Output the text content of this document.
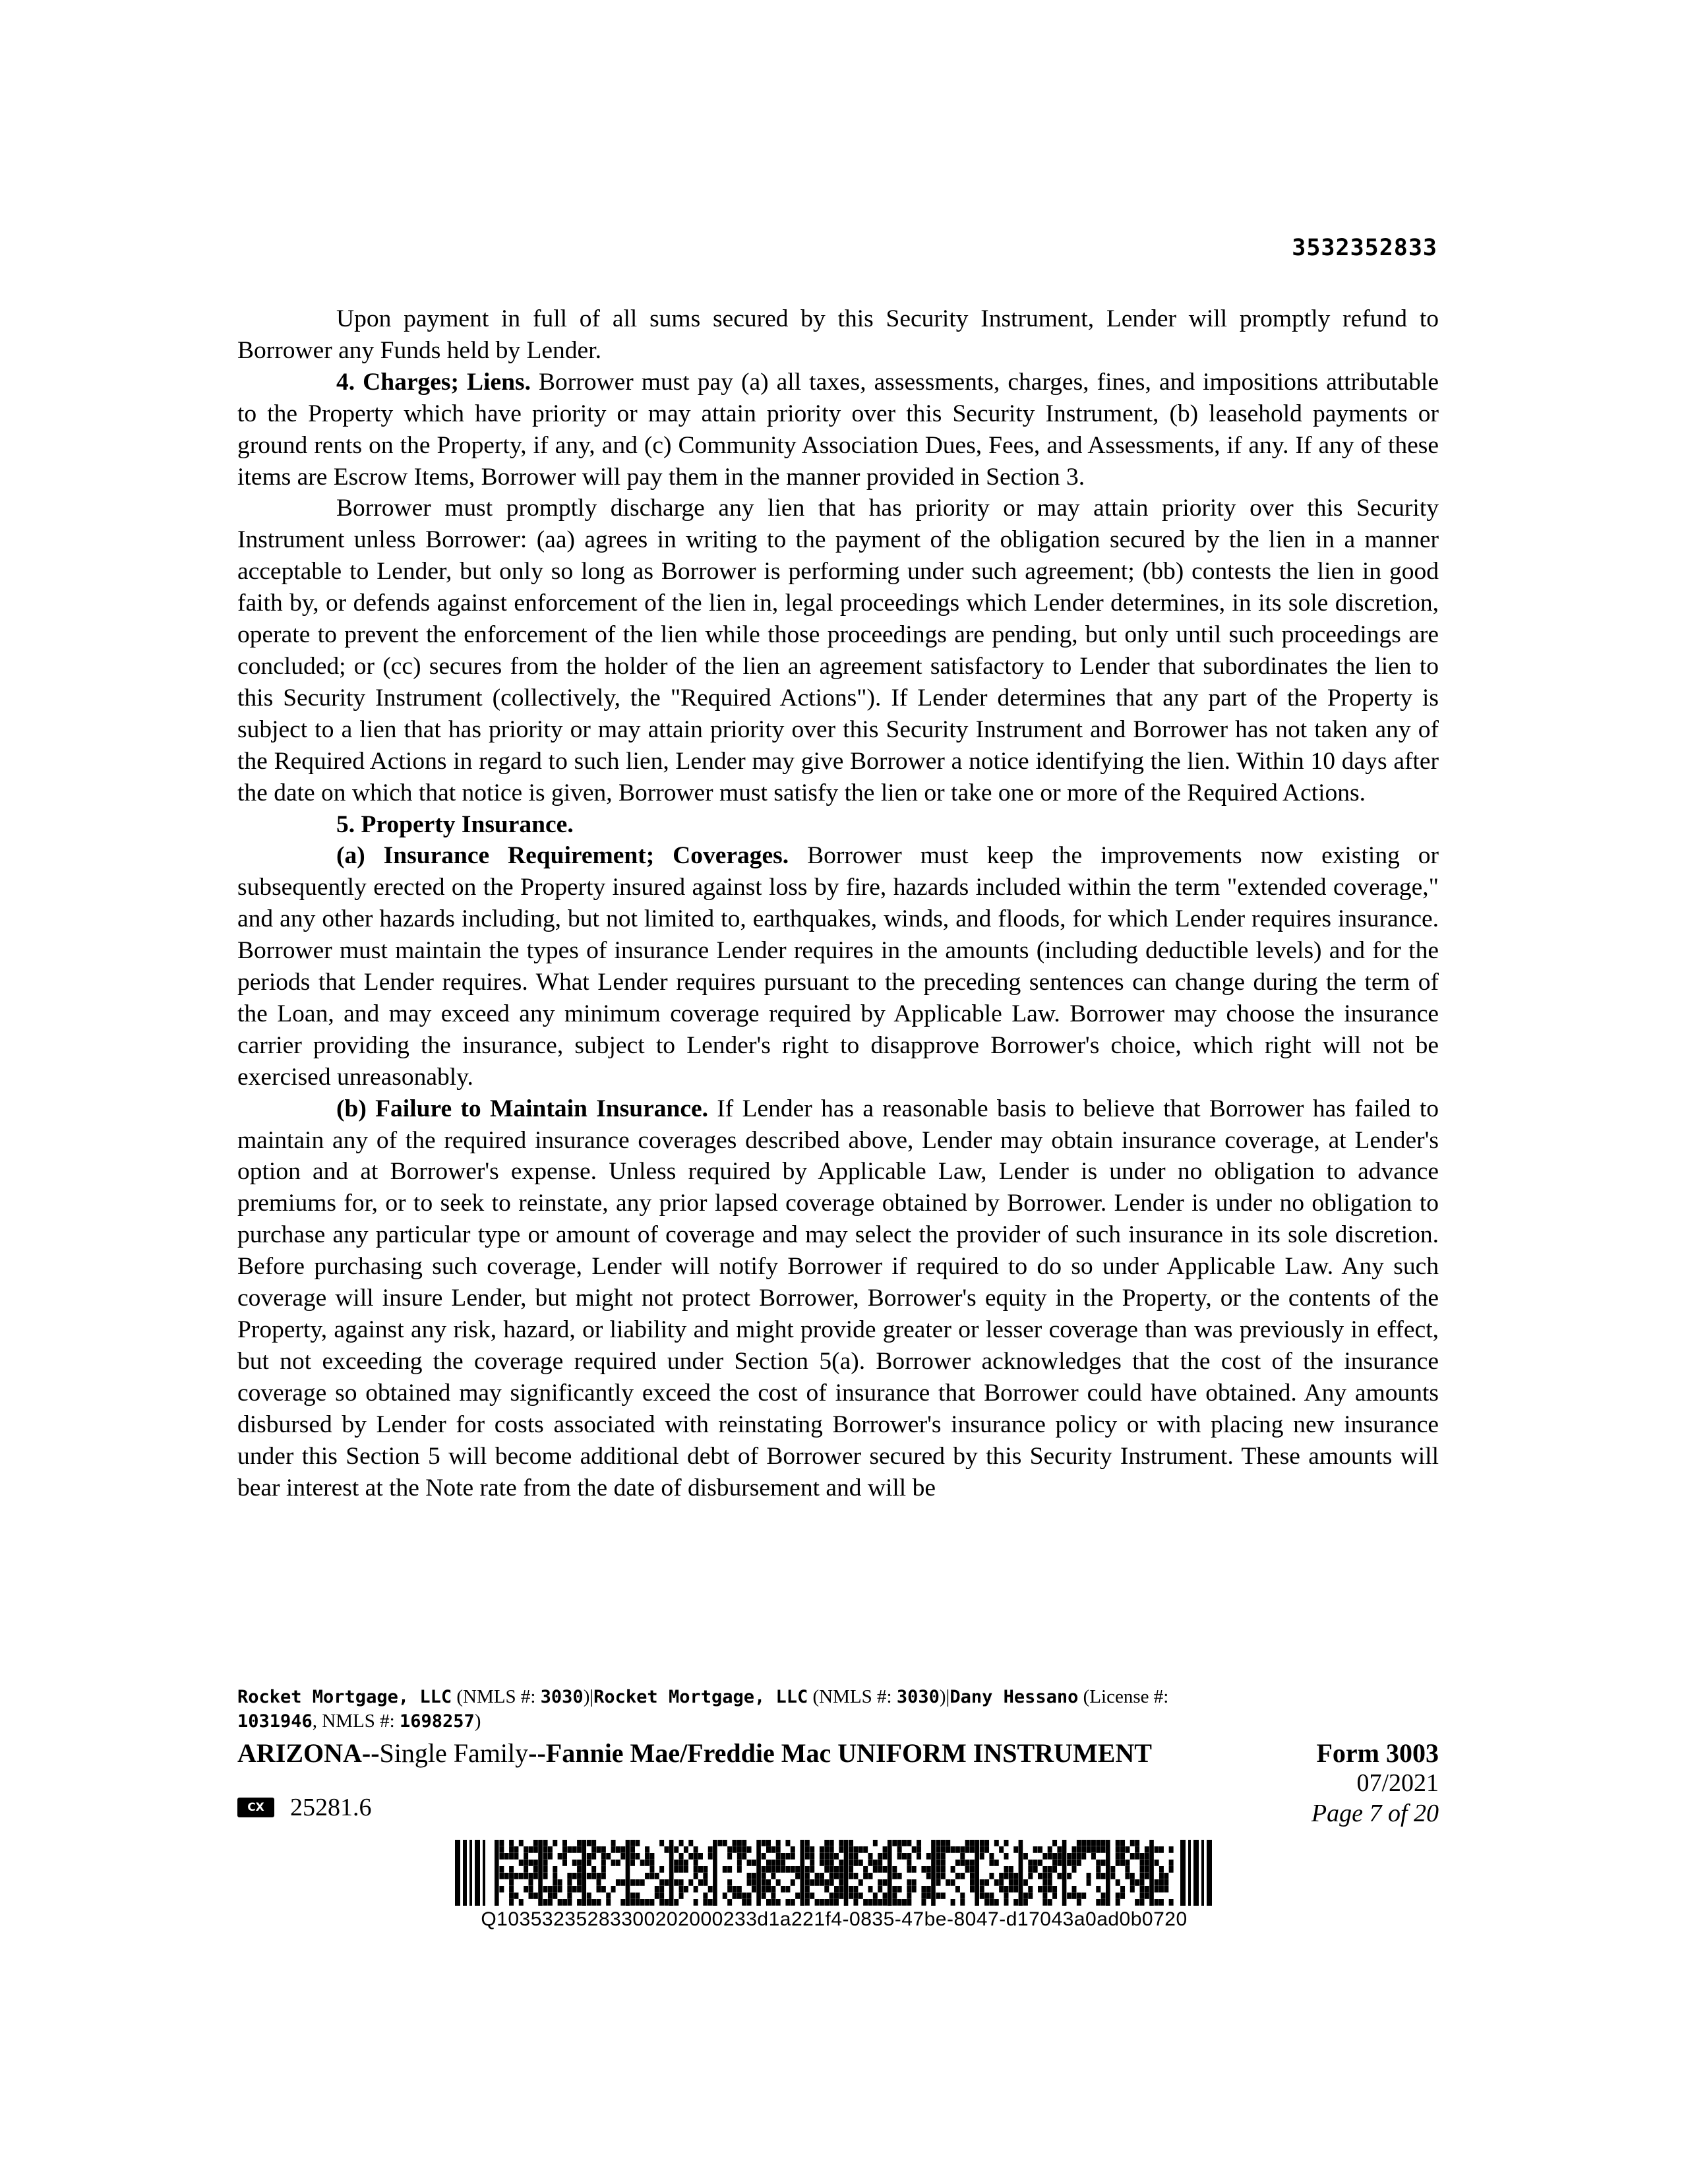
3532352833

Upon payment in full of all sums secured by this Security Instrument, Lender will promptly refund to Borrower any Funds held by Lender.

4. Charges; Liens. Borrower must pay (a) all taxes, assessments, charges, fines, and impositions attributable to the Property which have priority or may attain priority over this Security Instrument, (b) leasehold payments or ground rents on the Property, if any, and (c) Community Association Dues, Fees, and Assessments, if any. If any of these items are Escrow Items, Borrower will pay them in the manner provided in Section 3.

Borrower must promptly discharge any lien that has priority or may attain priority over this Security Instrument unless Borrower: (aa) agrees in writing to the payment of the obligation secured by the lien in a manner acceptable to Lender, but only so long as Borrower is performing under such agreement; (bb) contests the lien in good faith by, or defends against enforcement of the lien in, legal proceedings which Lender determines, in its sole discretion, operate to prevent the enforcement of the lien while those proceedings are pending, but only until such proceedings are concluded; or (cc) secures from the holder of the lien an agreement satisfactory to Lender that subordinates the lien to this Security Instrument (collectively, the "Required Actions"). If Lender determines that any part of the Property is subject to a lien that has priority or may attain priority over this Security Instrument and Borrower has not taken any of the Required Actions in regard to such lien, Lender may give Borrower a notice identifying the lien. Within 10 days after the date on which that notice is given, Borrower must satisfy the lien or take one or more of the Required Actions.

5. Property Insurance.

(a) Insurance Requirement; Coverages. Borrower must keep the improvements now existing or subsequently erected on the Property insured against loss by fire, hazards included within the term "extended coverage," and any other hazards including, but not limited to, earthquakes, winds, and floods, for which Lender requires insurance. Borrower must maintain the types of insurance Lender requires in the amounts (including deductible levels) and for the periods that Lender requires. What Lender requires pursuant to the preceding sentences can change during the term of the Loan, and may exceed any minimum coverage required by Applicable Law. Borrower may choose the insurance carrier providing the insurance, subject to Lender's right to disapprove Borrower's choice, which right will not be exercised unreasonably.

(b) Failure to Maintain Insurance. If Lender has a reasonable basis to believe that Borrower has failed to maintain any of the required insurance coverages described above, Lender may obtain insurance coverage, at Lender's option and at Borrower's expense. Unless required by Applicable Law, Lender is under no obligation to advance premiums for, or to seek to reinstate, any prior lapsed coverage obtained by Borrower. Lender is under no obligation to purchase any particular type or amount of coverage and may select the provider of such insurance in its sole discretion. Before purchasing such coverage, Lender will notify Borrower if required to do so under Applicable Law. Any such coverage will insure Lender, but might not protect Borrower, Borrower's equity in the Property, or the contents of the Property, against any risk, hazard, or liability and might provide greater or lesser coverage than was previously in effect, but not exceeding the coverage required under Section 5(a). Borrower acknowledges that the cost of the insurance coverage so obtained may significantly exceed the cost of insurance that Borrower could have obtained. Any amounts disbursed by Lender for costs associated with reinstating Borrower's insurance policy or with placing new insurance under this Section 5 will become additional debt of Borrower secured by this Security Instrument. These amounts will bear interest at the Note rate from the date of disbursement and will be

Rocket Mortgage, LLC (NMLS #: 3030)|Rocket Mortgage, LLC (NMLS #: 3030)|Dany Hessano (License #:
1031946, NMLS #: 1698257)
ARIZONA--Single Family--Fannie Mae/Freddie Mac UNIFORM INSTRUMENT	Form 3003
CX	25281.6
07/2021
Page 7 of 20
Q10353235283300202000233d1a221f4-0835-47be-8047-d17043a0ad0b0720
